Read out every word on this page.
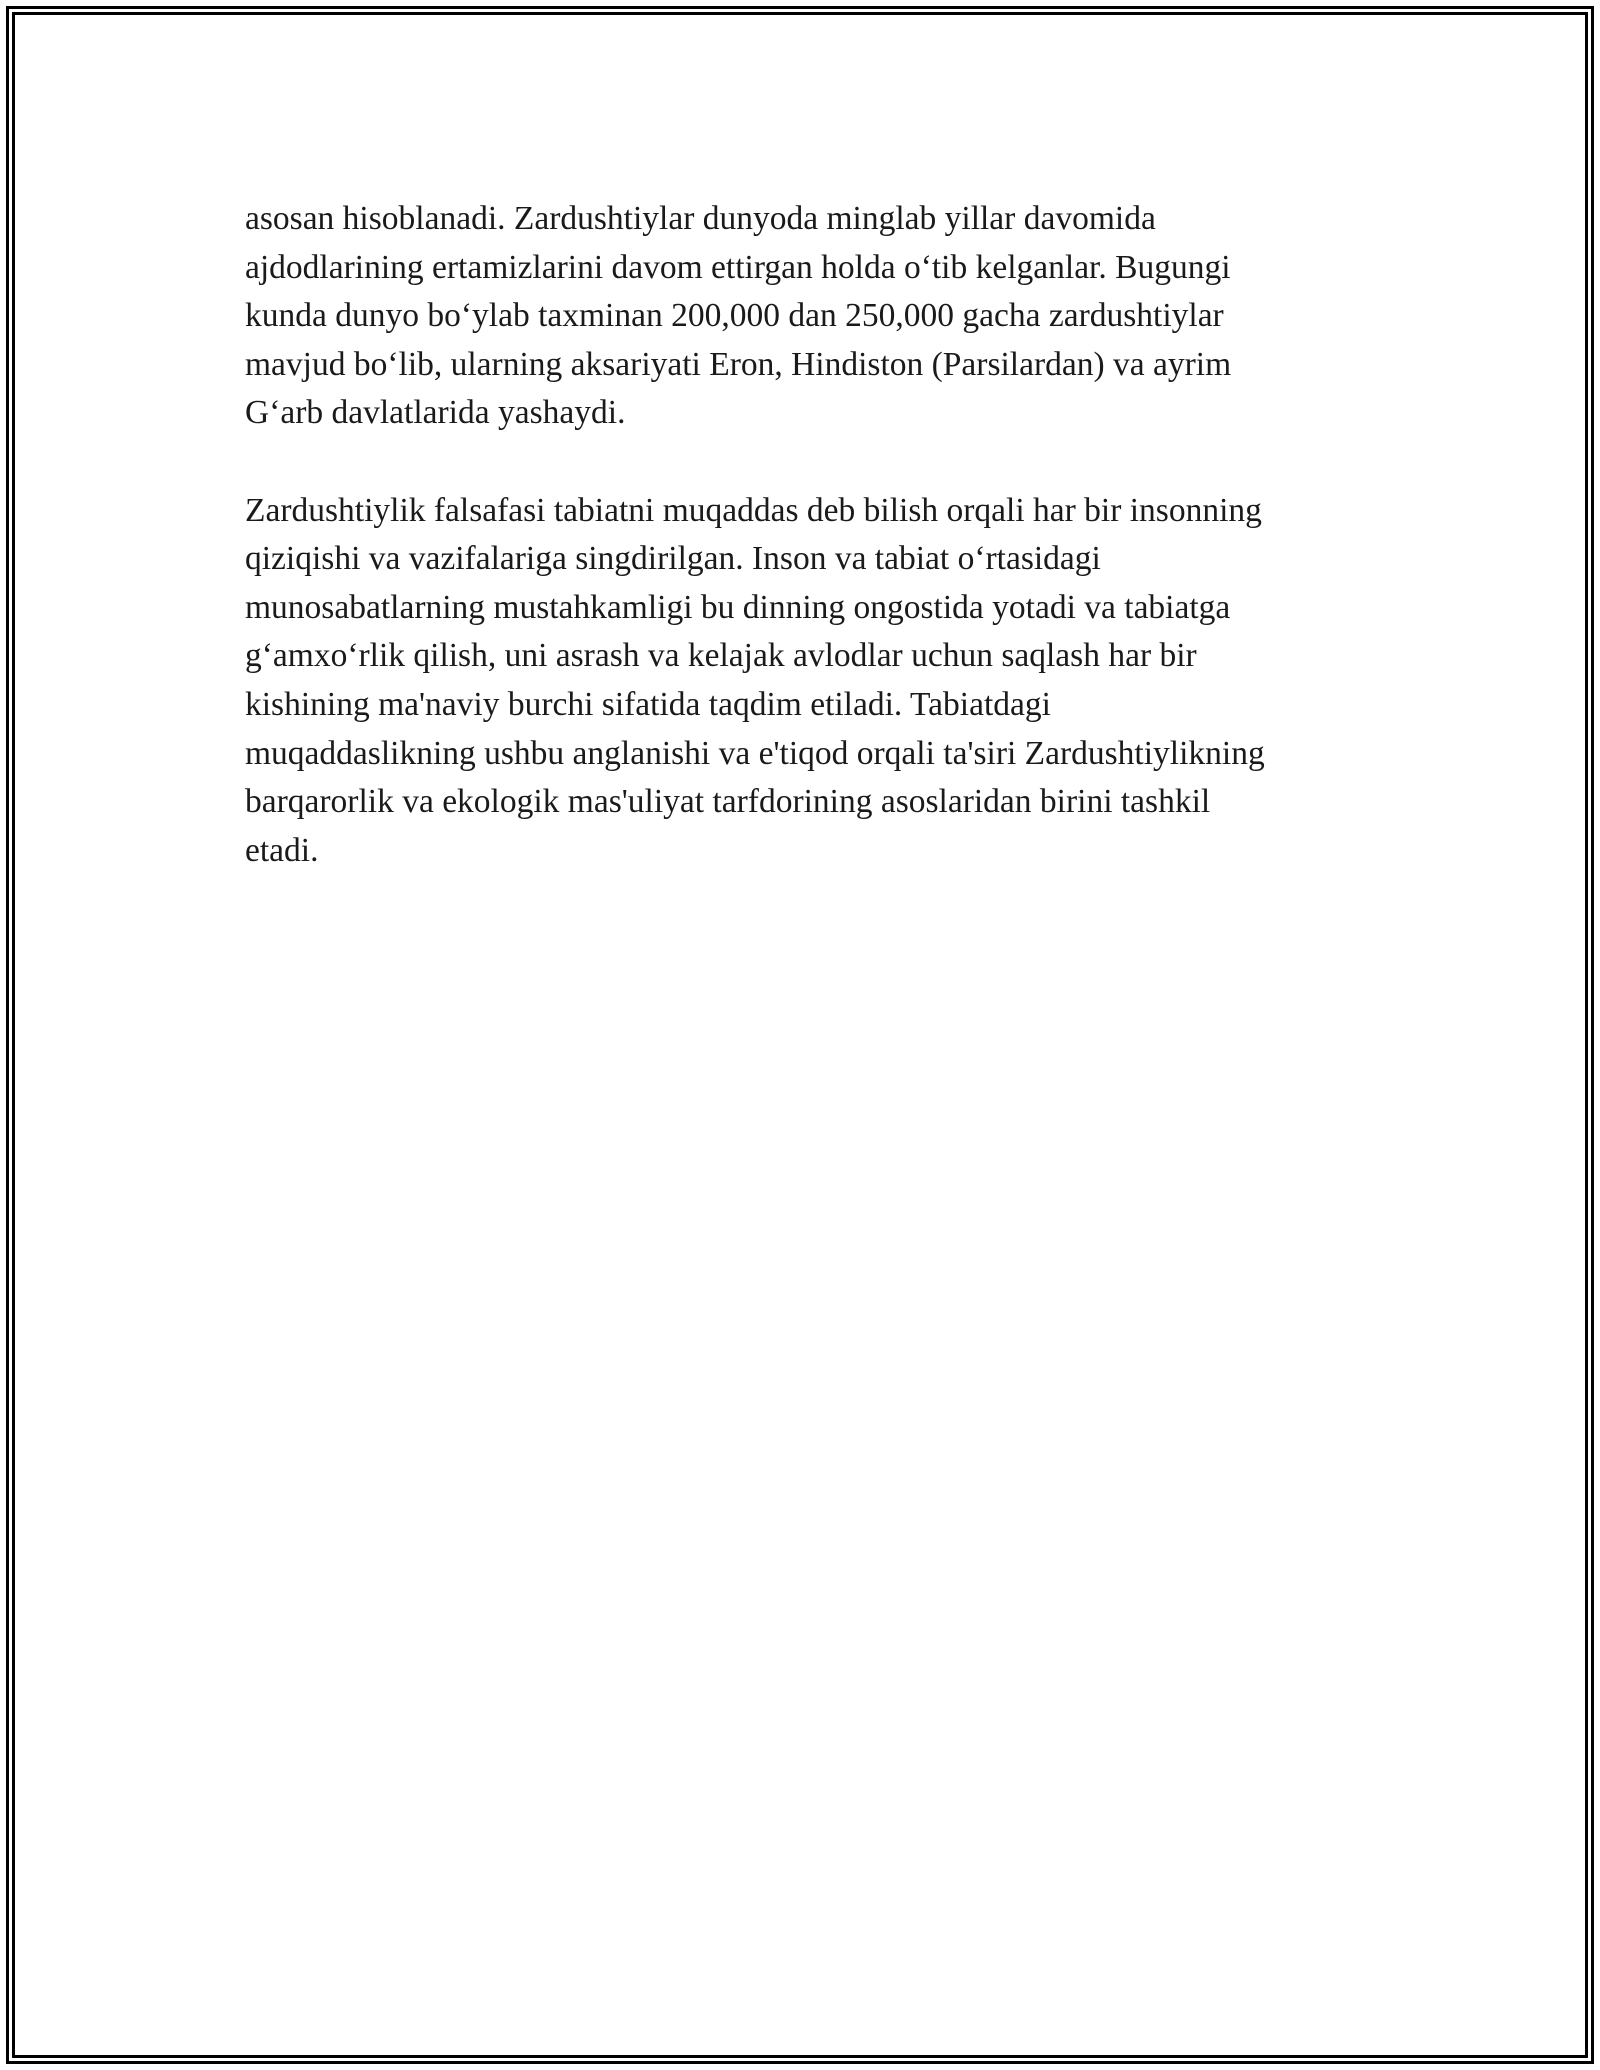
asosan hisoblanadi. Zardushtiylar dunyoda minglab yillar davomida
ajdodlarining ertamizlarini davom ettirgan holda o‘tib kelganlar. Bugungi
kunda dunyo bo‘ylab taxminan 200,000 dan 250,000 gacha zardushtiylar
mavjud bo‘lib, ularning aksariyati Eron, Hindiston (Parsilardan) va ayrim
G‘arb davlatlarida yashaydi.

Zardushtiylik falsafasi tabiatni muqaddas deb bilish orqali har bir insonning
qiziqishi va vazifalariga singdirilgan. Inson va tabiat o‘rtasidagi
munosabatlarning mustahkamligi bu dinning ongostida yotadi va tabiatga
g‘amxo‘rlik qilish, uni asrash va kelajak avlodlar uchun saqlash har bir
kishining ma'naviy burchi sifatida taqdim etiladi. Tabiatdagi
muqaddaslikning ushbu anglanishi va e'tiqod orqali ta'siri Zardushtiylikning
barqarorlik va ekologik mas'uliyat tarfdorining asoslaridan birini tashkil
etadi.
